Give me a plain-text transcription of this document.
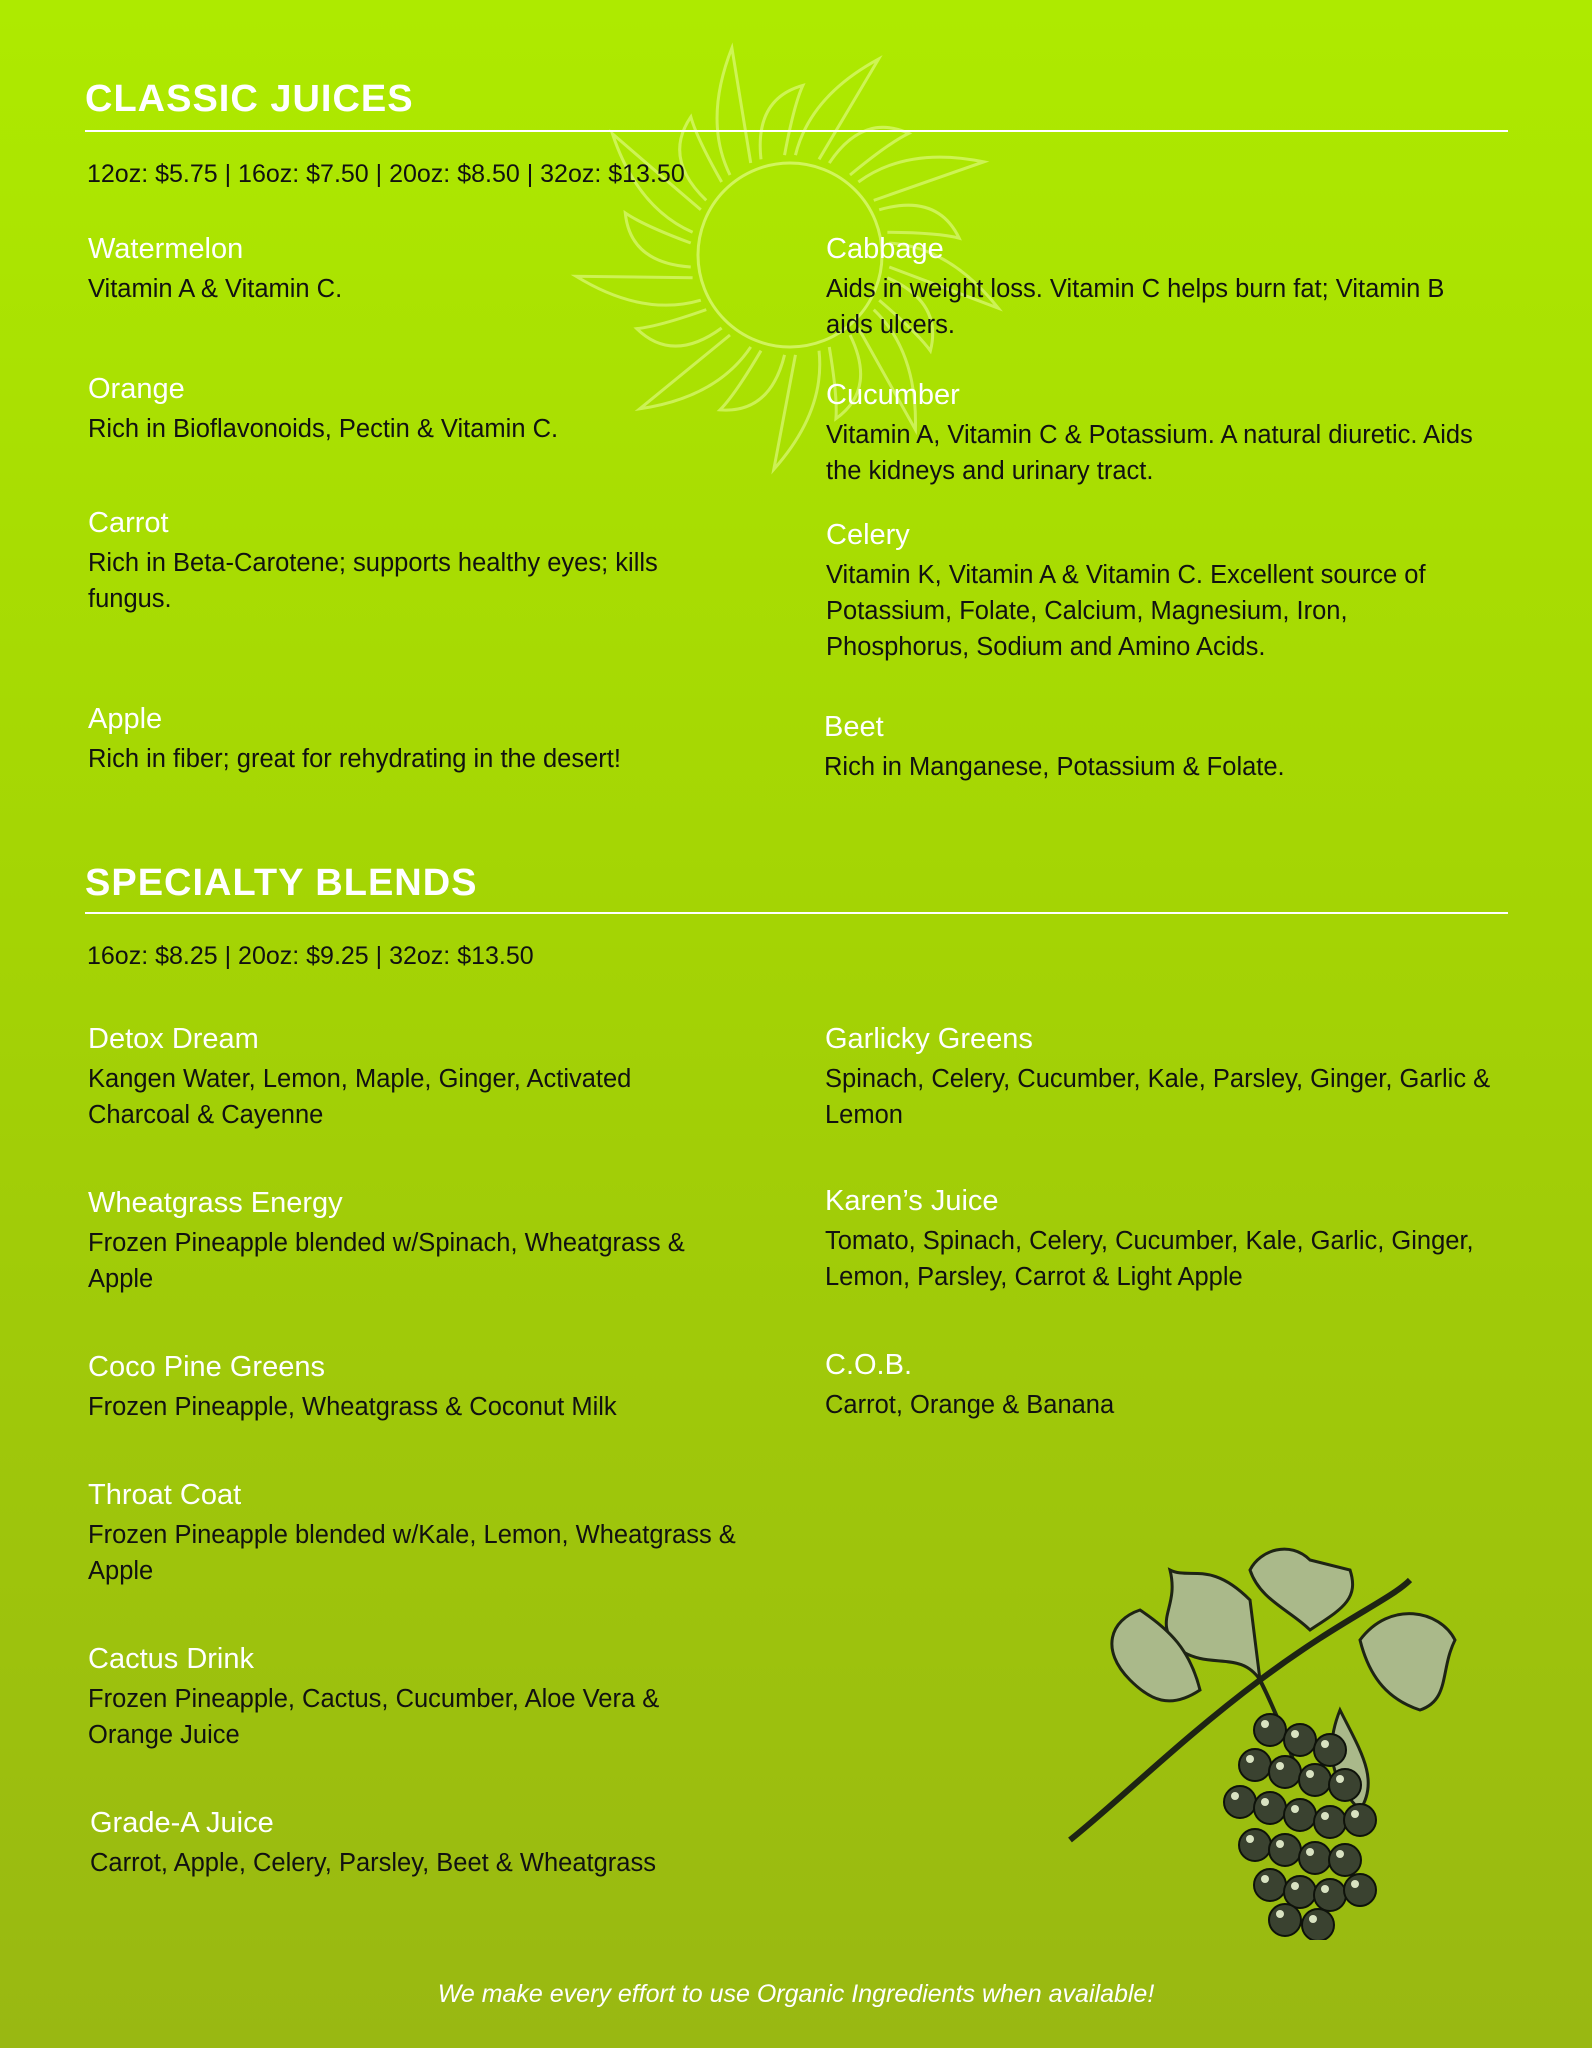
CLASSIC JUICES
12oz: $5.75 | 16oz: $7.50 | 20oz: $8.50 | 32oz: $13.50
Watermelon
Vitamin A & Vitamin C.
Orange
Rich in Bioflavonoids, Pectin & Vitamin C.
Carrot
Rich in Beta-Carotene; supports healthy eyes; kills fungus.
Apple
Rich in fiber; great for rehydrating in the desert!
Cabbage
Aids in weight loss. Vitamin C helps burn fat; Vitamin B aids ulcers.
Cucumber
Vitamin A, Vitamin C & Potassium. A natural diuretic. Aids the kidneys and urinary tract.
Celery
Vitamin K, Vitamin A & Vitamin C. Excellent source of Potassium, Folate, Calcium, Magnesium, Iron, Phosphorus, Sodium and Amino Acids.
Beet
Rich in Manganese, Potassium & Folate.
SPECIALTY BLENDS
16oz: $8.25 | 20oz: $9.25 | 32oz: $13.50
Detox Dream
Kangen Water, Lemon, Maple, Ginger, Activated Charcoal & Cayenne
Wheatgrass Energy
Frozen Pineapple blended w/Spinach, Wheatgrass & Apple
Coco Pine Greens
Frozen Pineapple, Wheatgrass & Coconut Milk
Throat Coat
Frozen Pineapple blended w/Kale, Lemon, Wheatgrass & Apple
Cactus Drink
Frozen Pineapple, Cactus, Cucumber, Aloe Vera & Orange Juice
Grade-A Juice
Carrot, Apple, Celery, Parsley, Beet & Wheatgrass
Garlicky Greens
Spinach, Celery, Cucumber, Kale, Parsley, Ginger, Garlic & Lemon
Karen’s Juice
Tomato, Spinach, Celery, Cucumber, Kale, Garlic, Ginger, Lemon, Parsley, Carrot & Light Apple
C.O.B.
Carrot, Orange & Banana
We make every effort to use Organic Ingredients when available!
